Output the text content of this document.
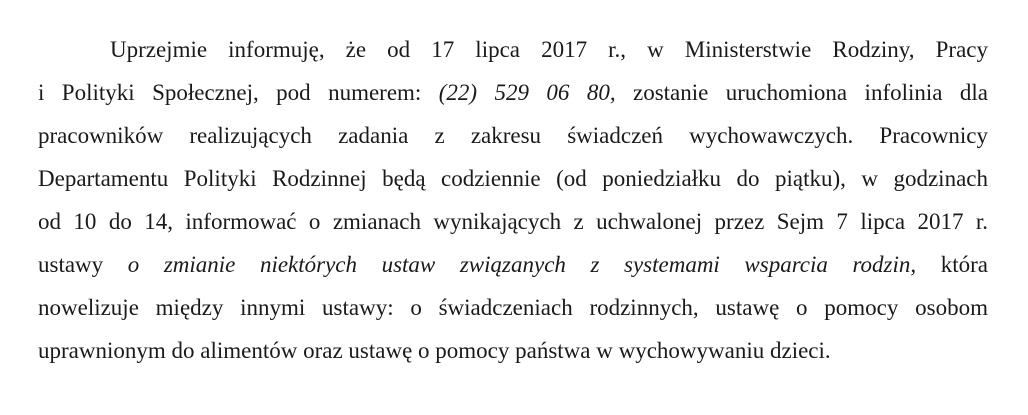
Uprzejmie informuję, że od 17 lipca 2017 r., w Ministerstwie Rodziny, Pracy
i Polityki Społecznej, pod numerem: (22) 529 06 80, zostanie uruchomiona infolinia dla
pracowników realizujących zadania z zakresu świadczeń wychowawczych. Pracownicy
Departamentu Polityki Rodzinnej będą codziennie (od poniedziałku do piątku), w godzinach
od 10 do 14, informować o zmianach wynikających z uchwalonej przez Sejm 7 lipca 2017 r.
ustawy o zmianie niektórych ustaw związanych z systemami wsparcia rodzin, która
nowelizuje między innymi ustawy: o świadczeniach rodzinnych, ustawę o pomocy osobom
uprawnionym do alimentów oraz ustawę o pomocy państwa w wychowywaniu dzieci.
